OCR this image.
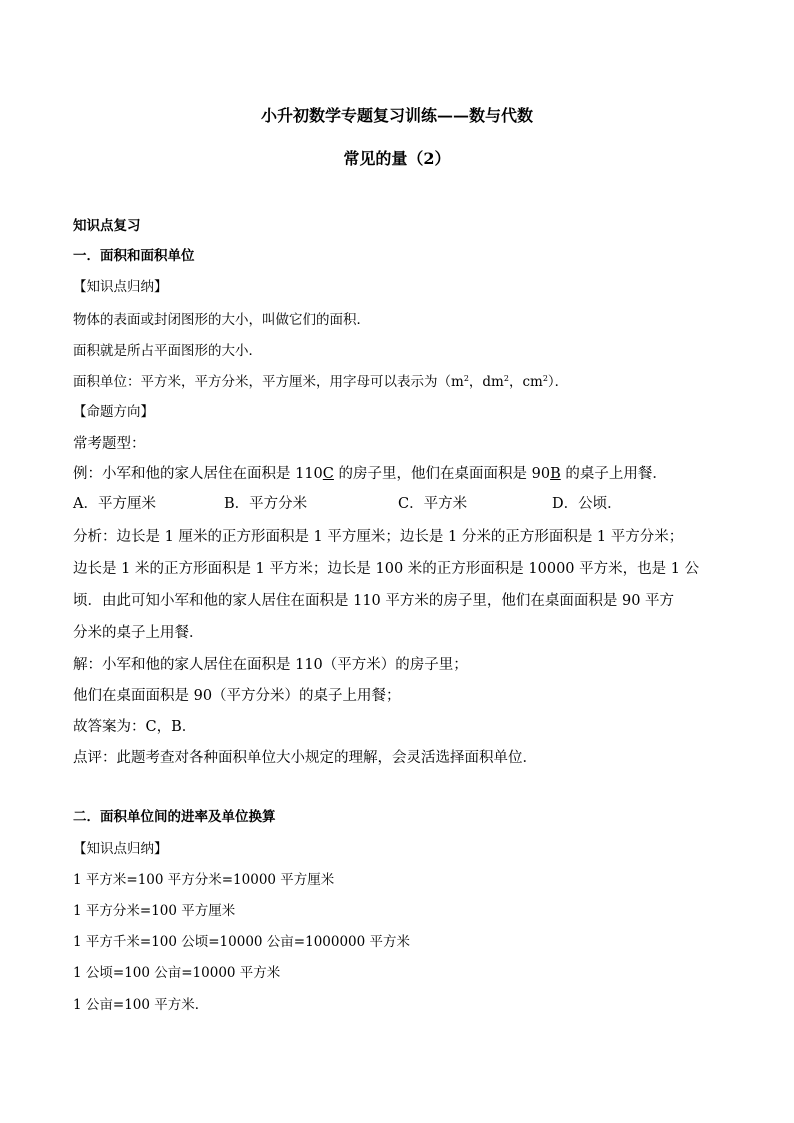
小升初数学专题复习训练——数与代数
常见的量（2）
知识点复习
一．面积和面积单位
【知识点归纳】
物体的表面或封闭图形的大小，叫做它们的面积．
面积就是所占平面图形的大小．
面积单位：平方米，平方分米，平方厘米，用字母可以表示为（$m^2$，$dm^2$，$cm^2$）．
【命题方向】
常考题型：
例：小军和他的家人居住在面积是 110C 的房子里，他们在桌面面积是 90B 的桌子上用餐．
A．平方厘米	B．平方分米	C．平方米	D．公顷．
分析：边长是 1 厘米的正方形面积是 1 平方厘米；边长是 1 分米的正方形面积是 1 平方分米；
边长是 1 米的正方形面积是 1 平方米；边长是 100 米的正方形面积是 10000 平方米，也是 1 公
顷．由此可知小军和他的家人居住在面积是 110 平方米的房子里，他们在桌面面积是 90 平方
分米的桌子上用餐．
解：小军和他的家人居住在面积是 110（平方米）的房子里；
他们在桌面面积是 90（平方分米）的桌子上用餐；
故答案为：C，B．
点评：此题考查对各种面积单位大小规定的理解，会灵活选择面积单位．
二．面积单位间的进率及单位换算
【知识点归纳】
1 平方米=100 平方分米=10000 平方厘米
1 平方分米=100 平方厘米
1 平方千米=100 公顷=10000 公亩=1000000 平方米
1 公顷=100 公亩=10000 平方米
1 公亩=100 平方米．
